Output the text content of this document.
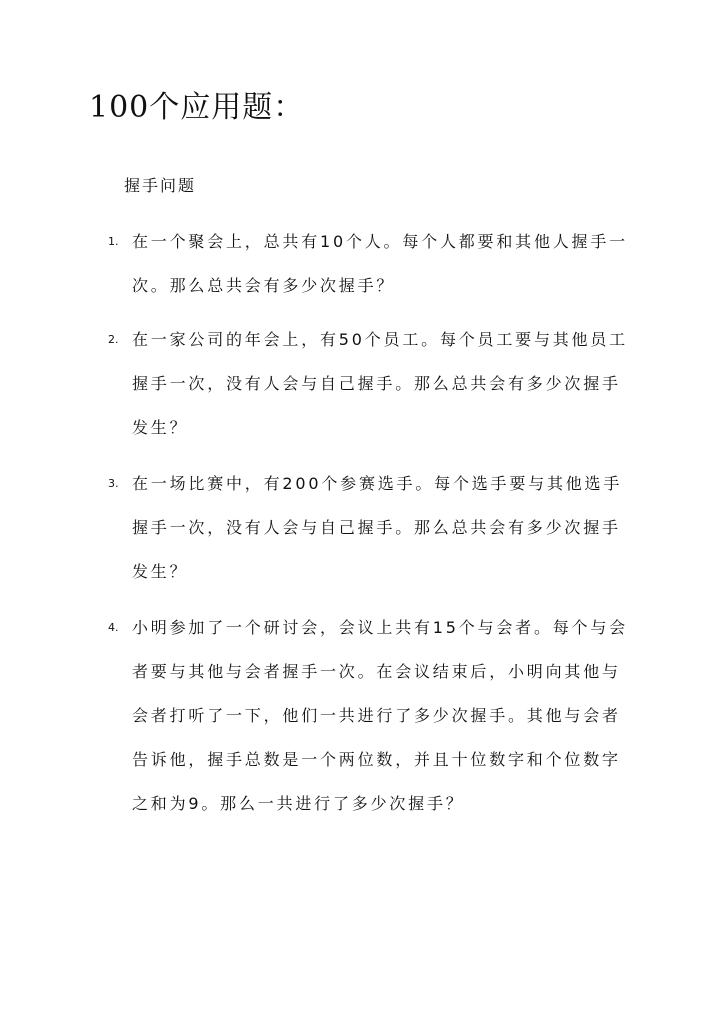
100个应用题：
握手问题
1. 在一个聚会上，总共有10个人。每个人都要和其他人握手一次。那么总共会有多少次握手？
2. 在一家公司的年会上，有50个员工。每个员工要与其他员工握手一次，没有人会与自己握手。那么总共会有多少次握手发生？
3. 在一场比赛中，有200个参赛选手。每个选手要与其他选手握手一次，没有人会与自己握手。那么总共会有多少次握手发生？
4. 小明参加了一个研讨会，会议上共有15个与会者。每个与会者要与其他与会者握手一次。在会议结束后，小明向其他与会者打听了一下，他们一共进行了多少次握手。其他与会者告诉他，握手总数是一个两位数，并且十位数字和个位数字之和为9。那么一共进行了多少次握手？
